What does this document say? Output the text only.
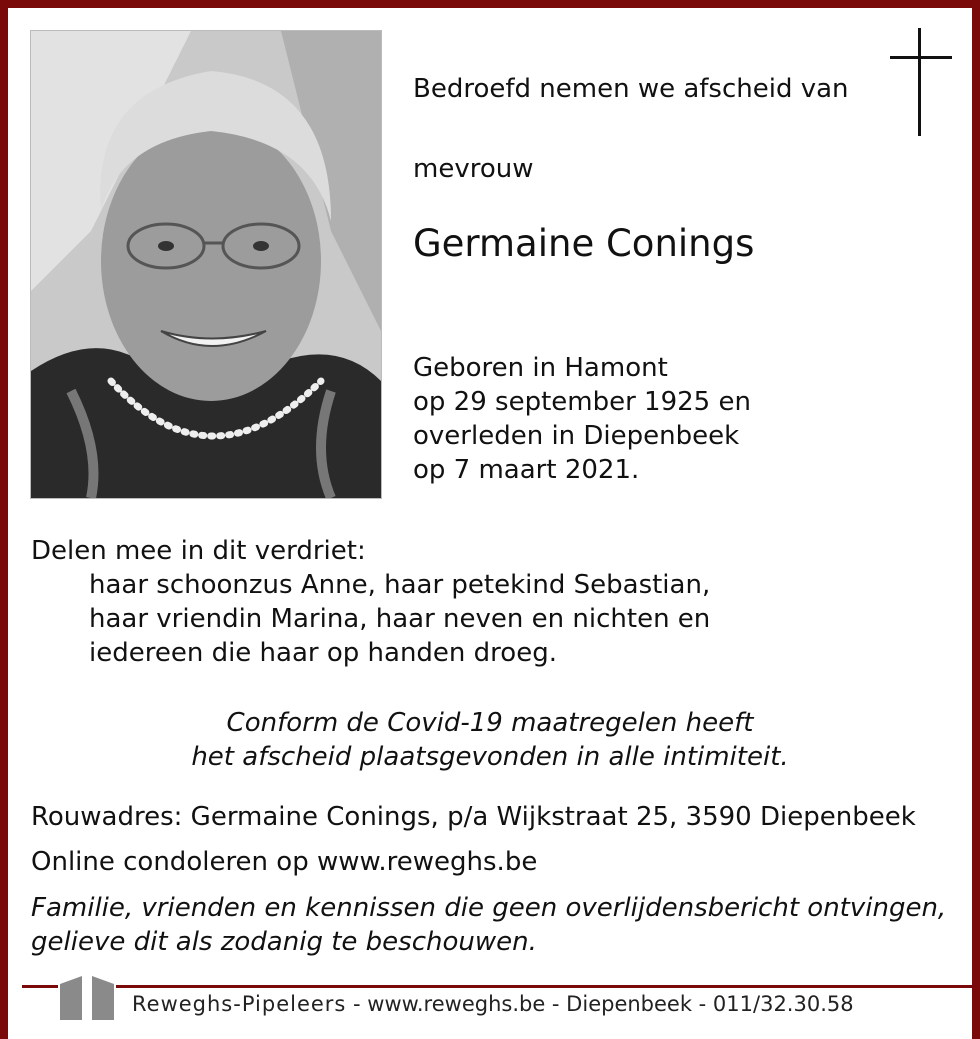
Bedroefd nemen we afscheid van
mevrouw
Germaine Conings
Geboren in Hamont
op 29 september 1925 en
overleden in Diepenbeek
op 7 maart 2021.
Delen mee in dit verdriet:
haar schoonzus Anne, haar petekind Sebastian,
haar vriendin Marina, haar neven en nichten en
iedereen die haar op handen droeg.
Conform de Covid-19 maatregelen heeft
het afscheid plaatsgevonden in alle intimiteit.
Rouwadres: Germaine Conings, p/a Wijkstraat 25, 3590 Diepenbeek
Online condoleren op www.reweghs.be
Familie, vrienden en kennissen die geen overlijdensbericht ontvingen,
gelieve dit als zodanig te beschouwen.
Reweghs-Pipeleers - www.reweghs.be - Diepenbeek - 011/32.30.58
